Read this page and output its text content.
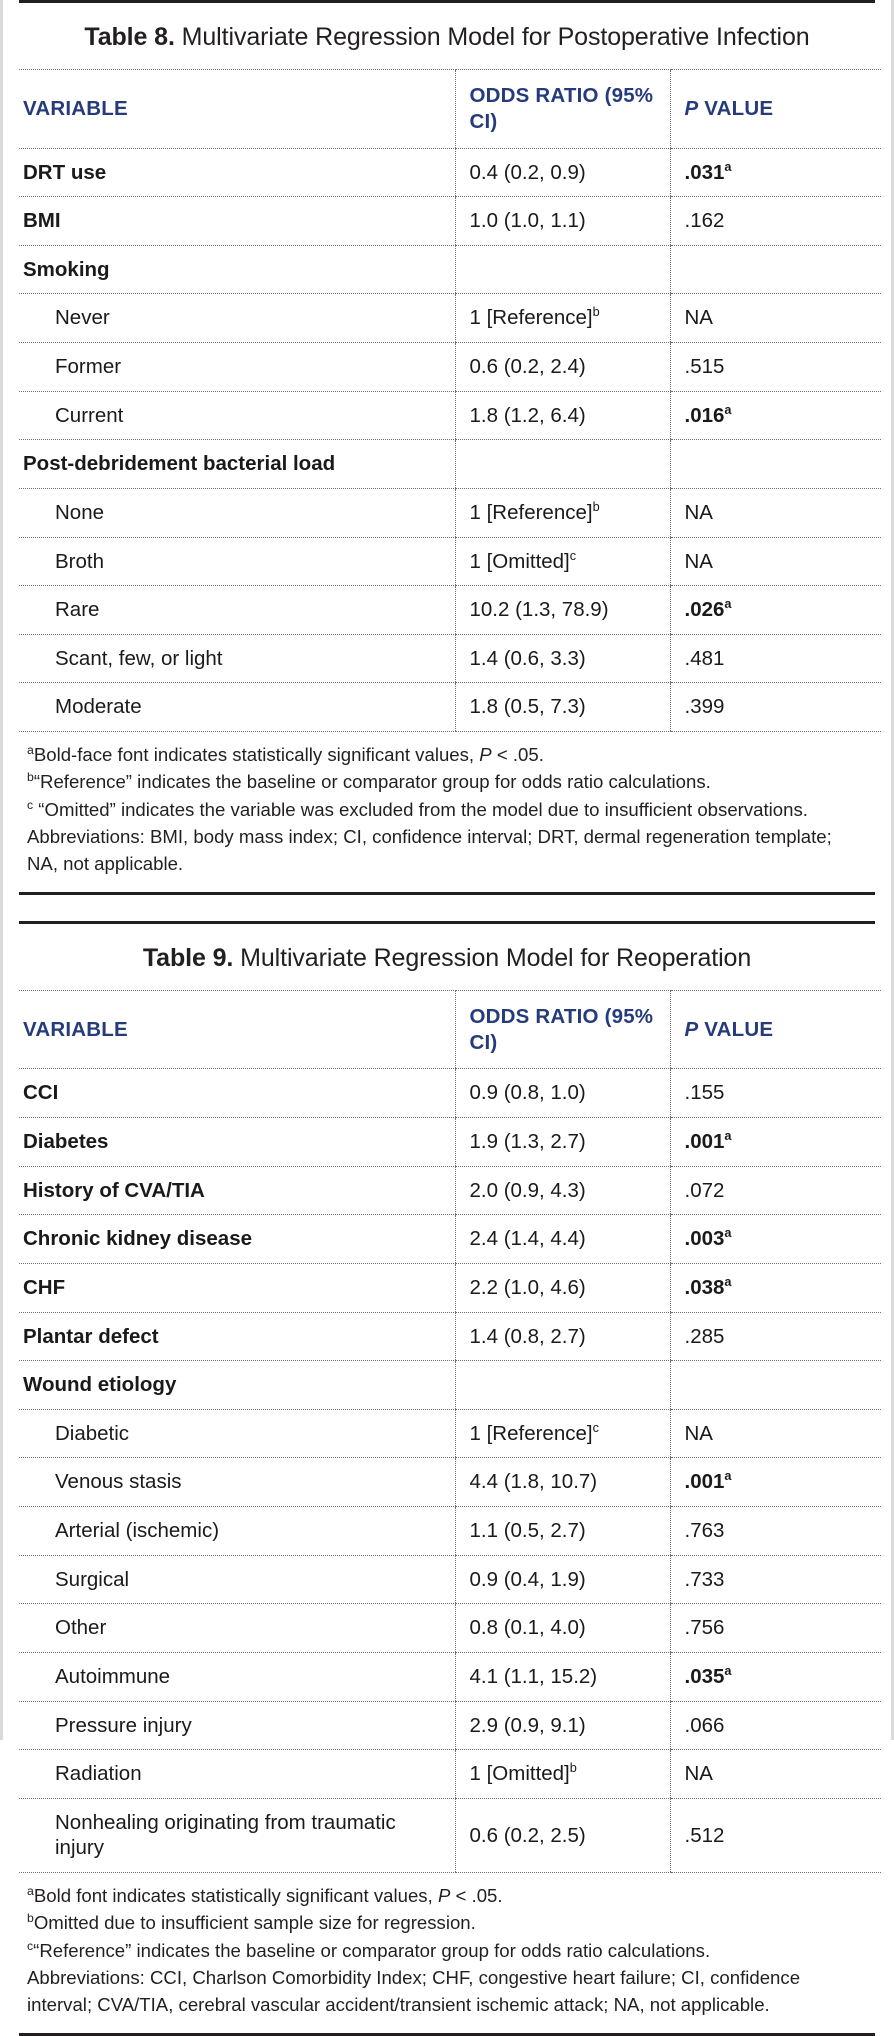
Table 8. Multivariate Regression Model for Postoperative Infection
VARIABLE	ODDS RATIO (95% CI)	P VALUE
DRT use	0.4 (0.2, 0.9)	.031$^a$
BMI	1.0 (1.0, 1.1)	.162
Smoking		
Never	1 [Reference]$^b$	NA
Former	0.6 (0.2, 2.4)	.515
Current	1.8 (1.2, 6.4)	.016$^a$
Post-debridement bacterial load		
None	1 [Reference]$^b$	NA
Broth	1 [Omitted]$^c$	NA
Rare	10.2 (1.3, 78.9)	.026$^a$
Scant, few, or light	1.4 (0.6, 3.3)	.481
Moderate	1.8 (0.5, 7.3)	.399
$^a$Bold-face font indicates statistically significant values, P < .05.
$^b$“Reference” indicates the baseline or comparator group for odds ratio calculations.
$^c$ “Omitted” indicates the variable was excluded from the model due to insufficient observations.
Abbreviations: BMI, body mass index; CI, confidence interval; DRT, dermal regeneration template; NA, not applicable.
Table 9. Multivariate Regression Model for Reoperation
VARIABLE	ODDS RATIO (95% CI)	P VALUE
CCI	0.9 (0.8, 1.0)	.155
Diabetes	1.9 (1.3, 2.7)	.001$^a$
History of CVA/TIA	2.0 (0.9, 4.3)	.072
Chronic kidney disease	2.4 (1.4, 4.4)	.003$^a$
CHF	2.2 (1.0, 4.6)	.038$^a$
Plantar defect	1.4 (0.8, 2.7)	.285
Wound etiology		
Diabetic	1 [Reference]$^c$	NA
Venous stasis	4.4 (1.8, 10.7)	.001$^a$
Arterial (ischemic)	1.1 (0.5, 2.7)	.763
Surgical	0.9 (0.4, 1.9)	.733
Other	0.8 (0.1, 4.0)	.756
Autoimmune	4.1 (1.1, 15.2)	.035$^a$
Pressure injury	2.9 (0.9, 9.1)	.066
Radiation	1 [Omitted]$^b$	NA
Nonhealing originating from traumatic injury	0.6 (0.2, 2.5)	.512
$^a$Bold font indicates statistically significant values, P < .05.
$^b$Omitted due to insufficient sample size for regression.
$^c$“Reference” indicates the baseline or comparator group for odds ratio calculations.
Abbreviations: CCI, Charlson Comorbidity Index; CHF, congestive heart failure; CI, confidence interval; CVA/TIA, cerebral vascular accident/transient ischemic attack; NA, not applicable.
